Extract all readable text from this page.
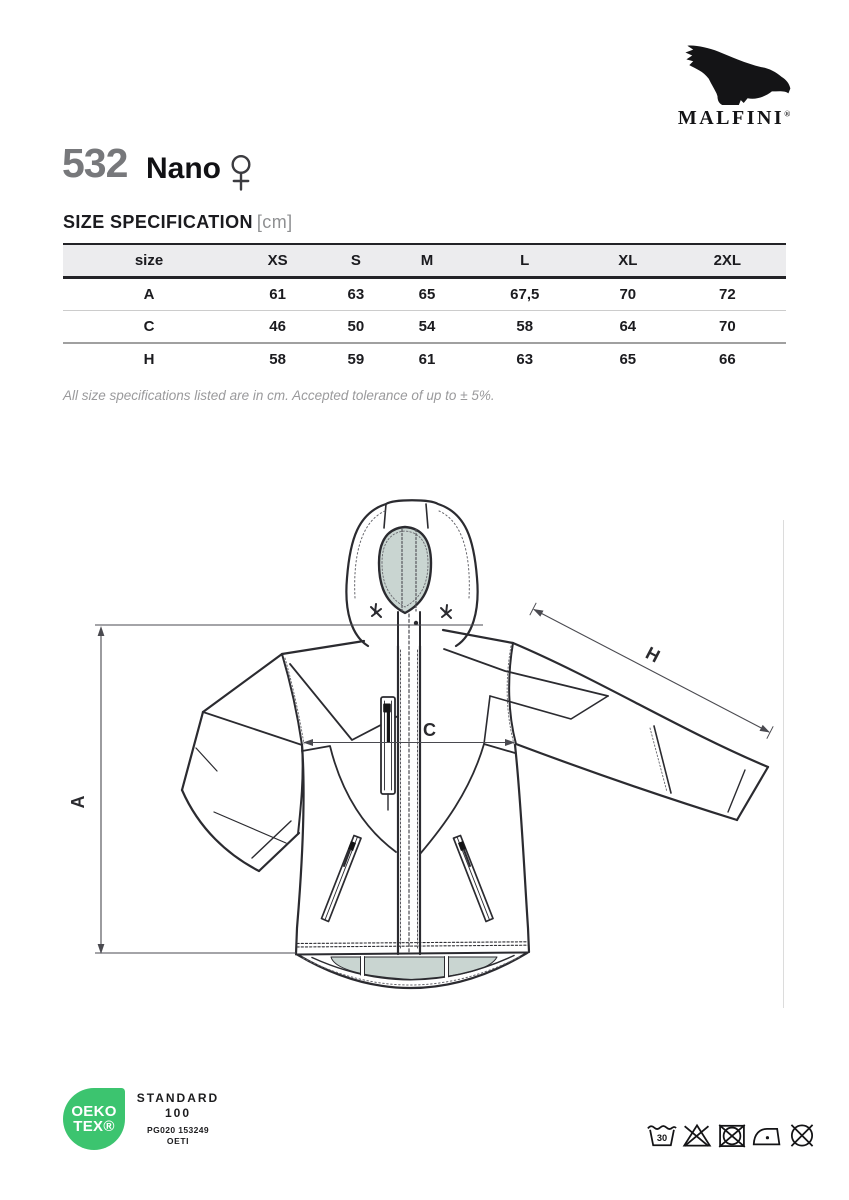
MALFINI®
532 Nano
SIZE SPECIFICATION [cm]
size	XS	S	M	L	XL	2XL
A	61	63	65	67,5	70	72
C	46	50	54	58	64	70
H	58	59	61	63	65	66

All size specifications listed are in cm. Accepted tolerance of up to ± 5%.

A
C
H
OEKO
TEX®
STANDARD
100
PG020 153249
OETI	30
